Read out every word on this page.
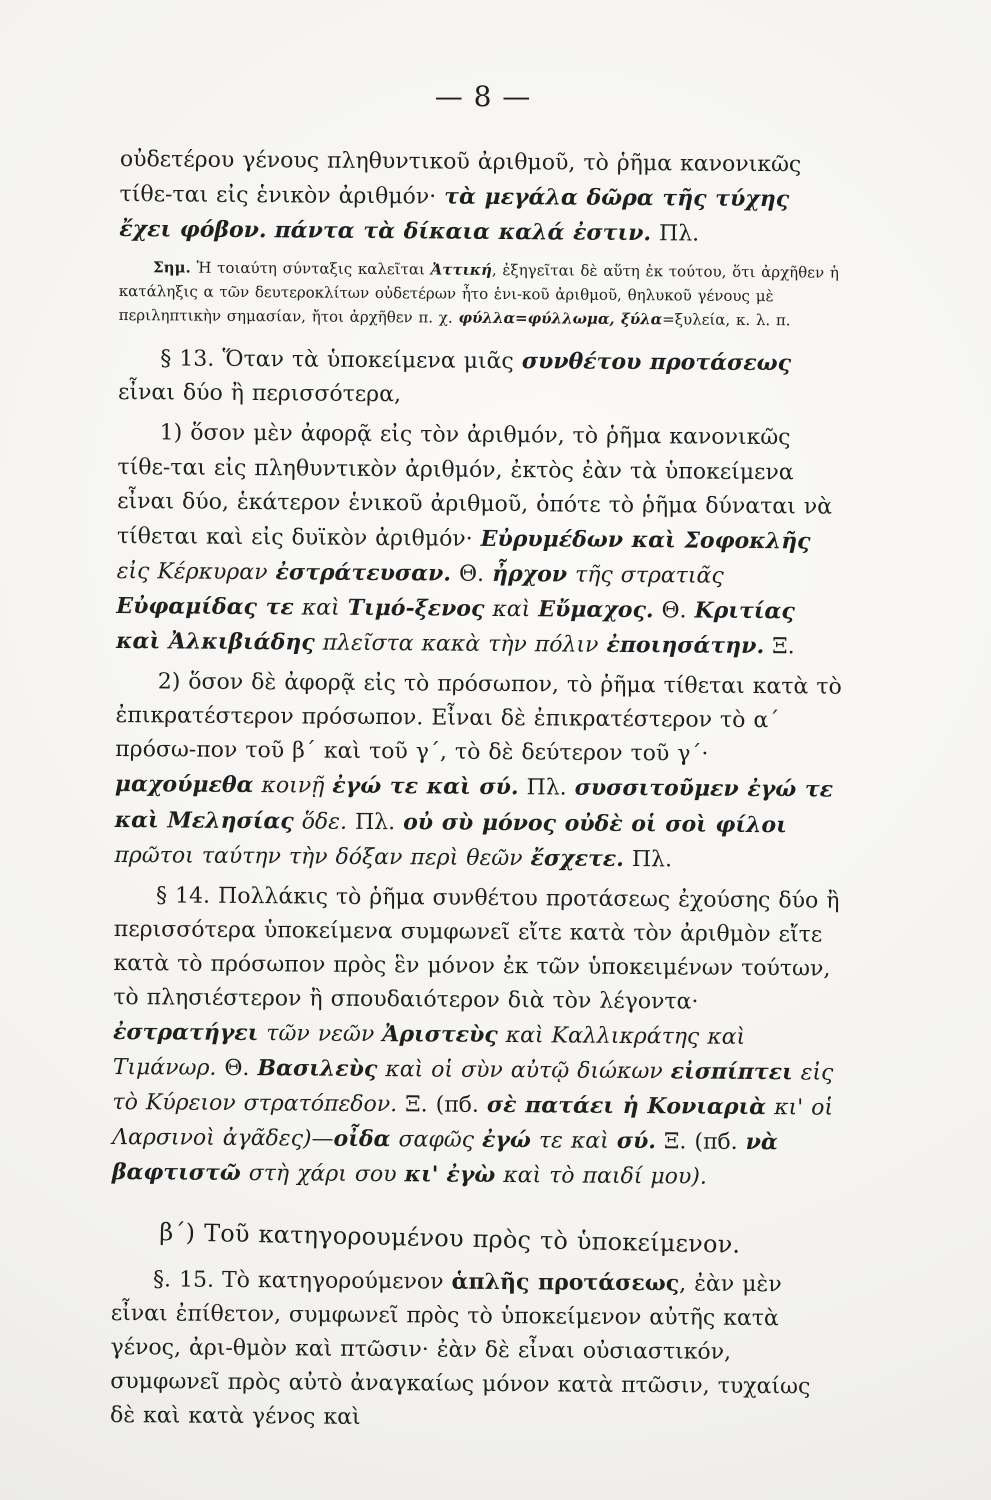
— 8 —

οὐδετέρου γένους πληθυντικοῦ ἀριθμοῦ, τὸ ῥῆμα κανονικῶς τίθε-ται εἰς ἑνικὸν ἀριθμόν· τὰ μεγάλα δῶρα τῆς τύχης ἔχει φόβον. πάντα τὰ δίκαια καλά ἐστιν. Πλ.

Σημ. Ἡ τοιαύτη σύνταξις καλεῖται Ἀττική, ἐξηγεῖται δὲ αὕτη ἐκ τούτου, ὅτι ἀρχῆθεν ἡ κατάληξις α τῶν δευτεροκλίτων οὐδετέρων ἦτο ἑνι-κοῦ ἀριθμοῦ, θηλυκοῦ γένους μὲ περιληπτικὴν σημασίαν, ἤτοι ἀρχῆθεν π. χ. φύλλα=φύλλωμα, ξύλα=ξυλεία, κ. λ. π.

§ 13. Ὅταν τὰ ὑποκείμενα μιᾶς συνθέτου προτάσεως εἶναι δύο ἢ περισσότερα,

1) ὅσον μὲν ἀφορᾷ εἰς τὸν ἀριθμόν, τὸ ῥῆμα κανονικῶς τίθε-ται εἰς πληθυντικὸν ἀριθμόν, ἐκτὸς ἐὰν τὰ ὑποκείμενα εἶναι δύο, ἑκάτερον ἑνικοῦ ἀριθμοῦ, ὁπότε τὸ ῥῆμα δύναται νὰ τίθεται καὶ εἰς δυϊκὸν ἀριθμόν· Εὐρυμέδων καὶ Σοφοκλῆς εἰς Κέρκυραν ἐστράτευσαν. Θ. ἦρχον τῆς στρατιᾶς Εὐφαμίδας τε καὶ Τιμό-ξενος καὶ Εὔμαχος. Θ. Κριτίας καὶ Ἀλκιβιάδης πλεῖστα κακὰ τὴν πόλιν ἐποιησάτην. Ξ.

2) ὅσον δὲ ἀφορᾷ εἰς τὸ πρόσωπον, τὸ ῥῆμα τίθεται κατὰ τὸ ἐπικρατέστερον πρόσωπον. Εἶναι δὲ ἐπικρατέστερον τὸ α΄ πρόσω-πον τοῦ β΄ καὶ τοῦ γ΄, τὸ δὲ δεύτερον τοῦ γ΄· μαχούμεθα κοινῇ ἐγώ τε καὶ σύ. Πλ. συσσιτοῦμεν ἐγώ τε καὶ Μελησίας ὅδε. Πλ. οὐ σὺ μόνος οὐδὲ οἱ σοὶ φίλοι πρῶτοι ταύτην τὴν δόξαν περὶ θεῶν ἔσχετε. Πλ.

§ 14. Πολλάκις τὸ ῥῆμα συνθέτου προτάσεως ἐχούσης δύο ἢ περισσότερα ὑποκείμενα συμφωνεῖ εἴτε κατὰ τὸν ἀριθμὸν εἴτε κατὰ τὸ πρόσωπον πρὸς ἓν μόνον ἐκ τῶν ὑποκειμένων τούτων, τὸ πλησιέστερον ἢ σπουδαιότερον διὰ τὸν λέγοντα· ἐστρατήγει τῶν νεῶν Ἀριστεὺς καὶ Καλλικράτης καὶ Τιμάνωρ. Θ. Βασιλεὺς καὶ οἱ σὺν αὐτῷ διώκων εἰσπίπτει εἰς τὸ Κύρειον στρατόπεδον. Ξ. (πб. σὲ πατάει ἡ Κονιαριὰ κι' οἱ Λαρσινοὶ ἀγᾶδες)—οἶδα σαφῶς ἐγώ τε καὶ σύ. Ξ. (πб. νὰ βαφτιστῶ στὴ χάρι σου κι' ἐγὼ καὶ τὸ παιδί μου).

β΄) Τοῦ κατηγορουμένου πρὸς τὸ ὑποκείμενον.

§. 15. Τὸ κατηγορούμενον ἁπλῆς προτάσεως, ἐὰν μὲν εἶναι ἐπίθετον, συμφωνεῖ πρὸς τὸ ὑποκείμενον αὐτῆς κατὰ γένος, ἀρι-θμὸν καὶ πτῶσιν· ἐὰν δὲ εἶναι οὐσιαστικόν, συμφωνεῖ πρὸς αὐτὸ ἀναγκαίως μόνον κατὰ πτῶσιν, τυχαίως δὲ καὶ κατὰ γένος καὶ
